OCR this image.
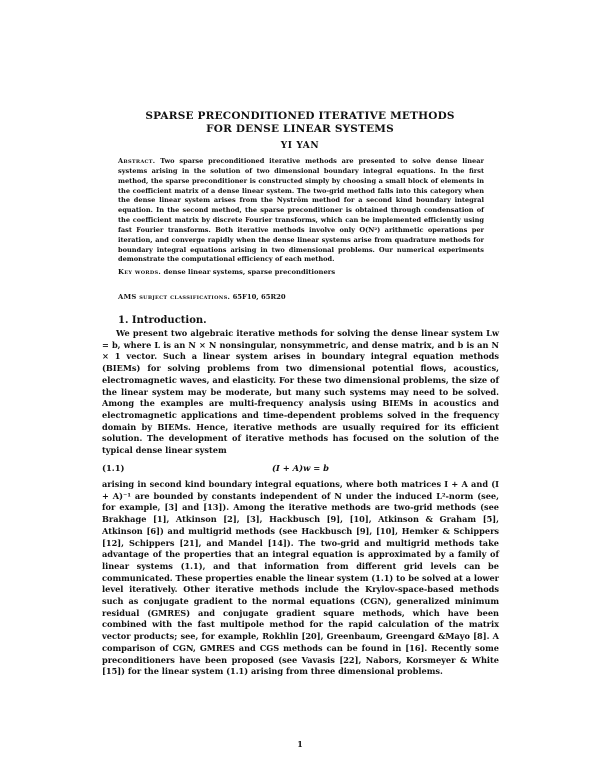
SPARSE PRECONDITIONED ITERATIVE METHODS
FOR DENSE LINEAR SYSTEMS
YI YAN
Abstract. Two sparse preconditioned iterative methods are presented to solve dense linear systems arising in the solution of two dimensional boundary integral equations. In the first method, the sparse preconditioner is constructed simply by choosing a small block of elements in the coefficient matrix of a dense linear system. The two-grid method falls into this category when the dense linear system arises from the Nyström method for a second kind boundary integral equation. In the second method, the sparse preconditioner is obtained through condensation of the coefficient matrix by discrete Fourier transforms, which can be implemented efficiently using fast Fourier transforms. Both iterative methods involve only O(N²) arithmetic operations per iteration, and converge rapidly when the dense linear systems arise from quadrature methods for boundary integral equations arising in two dimensional problems. Our numerical experiments demonstrate the computational efficiency of each method.
Key words. dense linear systems, sparse preconditioners
AMS subject classifications. 65F10, 65R20
1. Introduction.
We present two algebraic iterative methods for solving the dense linear system Lw = b, where L is an N × N nonsingular, nonsymmetric, and dense matrix, and b is an N × 1 vector. Such a linear system arises in boundary integral equation methods (BIEMs) for solving problems from two dimensional potential flows, acoustics, electromagnetic waves, and elasticity. For these two dimensional problems, the size of the linear system may be moderate, but many such systems may need to be solved. Among the examples are multi-frequency analysis using BIEMs in acoustics and electromagnetic applications and time-dependent problems solved in the frequency domain by BIEMs. Hence, iterative methods are usually required for its efficient solution. The development of iterative methods has focused on the solution of the typical dense linear system
(1.1)	(I + A)w = b
arising in second kind boundary integral equations, where both matrices I + A and (I + A)⁻¹ are bounded by constants independent of N under the induced L²-norm (see, for example, [3] and [13]). Among the iterative methods are two-grid methods (see Brakhage [1], Atkinson [2], [3], Hackbusch [9], [10], Atkinson & Graham [5], Atkinson [6]) and multigrid methods (see Hackbusch [9], [10], Hemker & Schippers [12], Schippers [21], and Mandel [14]). The two-grid and multigrid methods take advantage of the properties that an integral equation is approximated by a family of linear systems (1.1), and that information from different grid levels can be communicated. These properties enable the linear system (1.1) to be solved at a lower level iteratively. Other iterative methods include the Krylov-space-based methods such as conjugate gradient to the normal equations (CGN), generalized minimum residual (GMRES) and conjugate gradient square methods, which have been combined with the fast multipole method for the rapid calculation of the matrix vector products; see, for example, Rokhlin [20], Greenbaum, Greengard &Mayo [8]. A comparison of CGN, GMRES and CGS methods can be found in [16]. Recently some preconditioners have been proposed (see Vavasis [22], Nabors, Korsmeyer & White [15]) for the linear system (1.1) arising from three dimensional problems.
1
